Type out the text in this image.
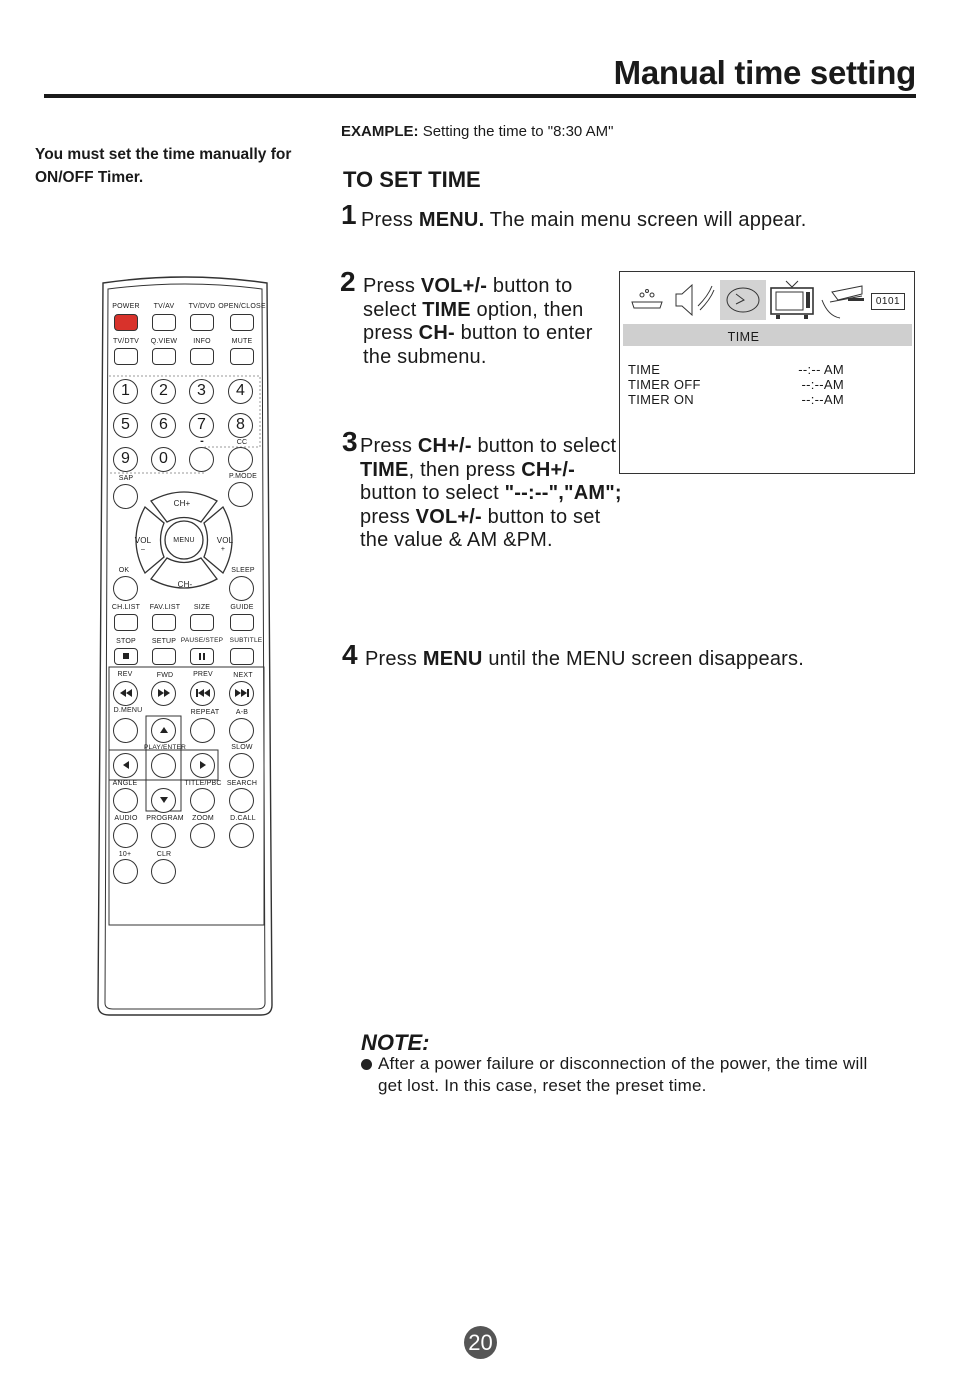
Manual time setting
You must set the time manually for ON/OFF Timer.
EXAMPLE: Setting the time to "8:30 AM"
TO SET TIME
1 Press MENU. The main menu screen will appear.
2 Press VOL+/- button to select TIME option, then press CH- button to enter the submenu.
3 Press CH+/- button to select TIME, then press CH+/- button to select "--:--","AM"; press VOL+/- button to set the value & AM &PM.
4 Press MENU until the MENU screen disappears.
0101
TIME
TIME	--:-- AM
TIMER OFF	--:--AM
TIMER ON	--:--AM
NOTE:
After a power failure or disconnection of the power, the time will get lost. In this case, reset the preset time.
20
POWER TV/AV TV/DVD OPEN/CLOSE
TV/DTV Q.VIEW INFO	MUTE
1	2	3	4
5	6	7	8
-	CC
9	0
SAP	P.MODE
CH+
CH-
VOL
–
VOL
+
MENU
OK	SLEEP
CH.LIST FAV.LIST SIZE	GUIDE
STOP SETUP PAUSE/STEP SUBTITLE
REV	FWD	PREV	NEXT
D.MENU	REPEAT A-B
PLAY/ENTER	SLOW
ANGLE	TITLE/PBC SEARCH
AUDIO PROGRAM ZOOM D.CALL
10+	CLR
